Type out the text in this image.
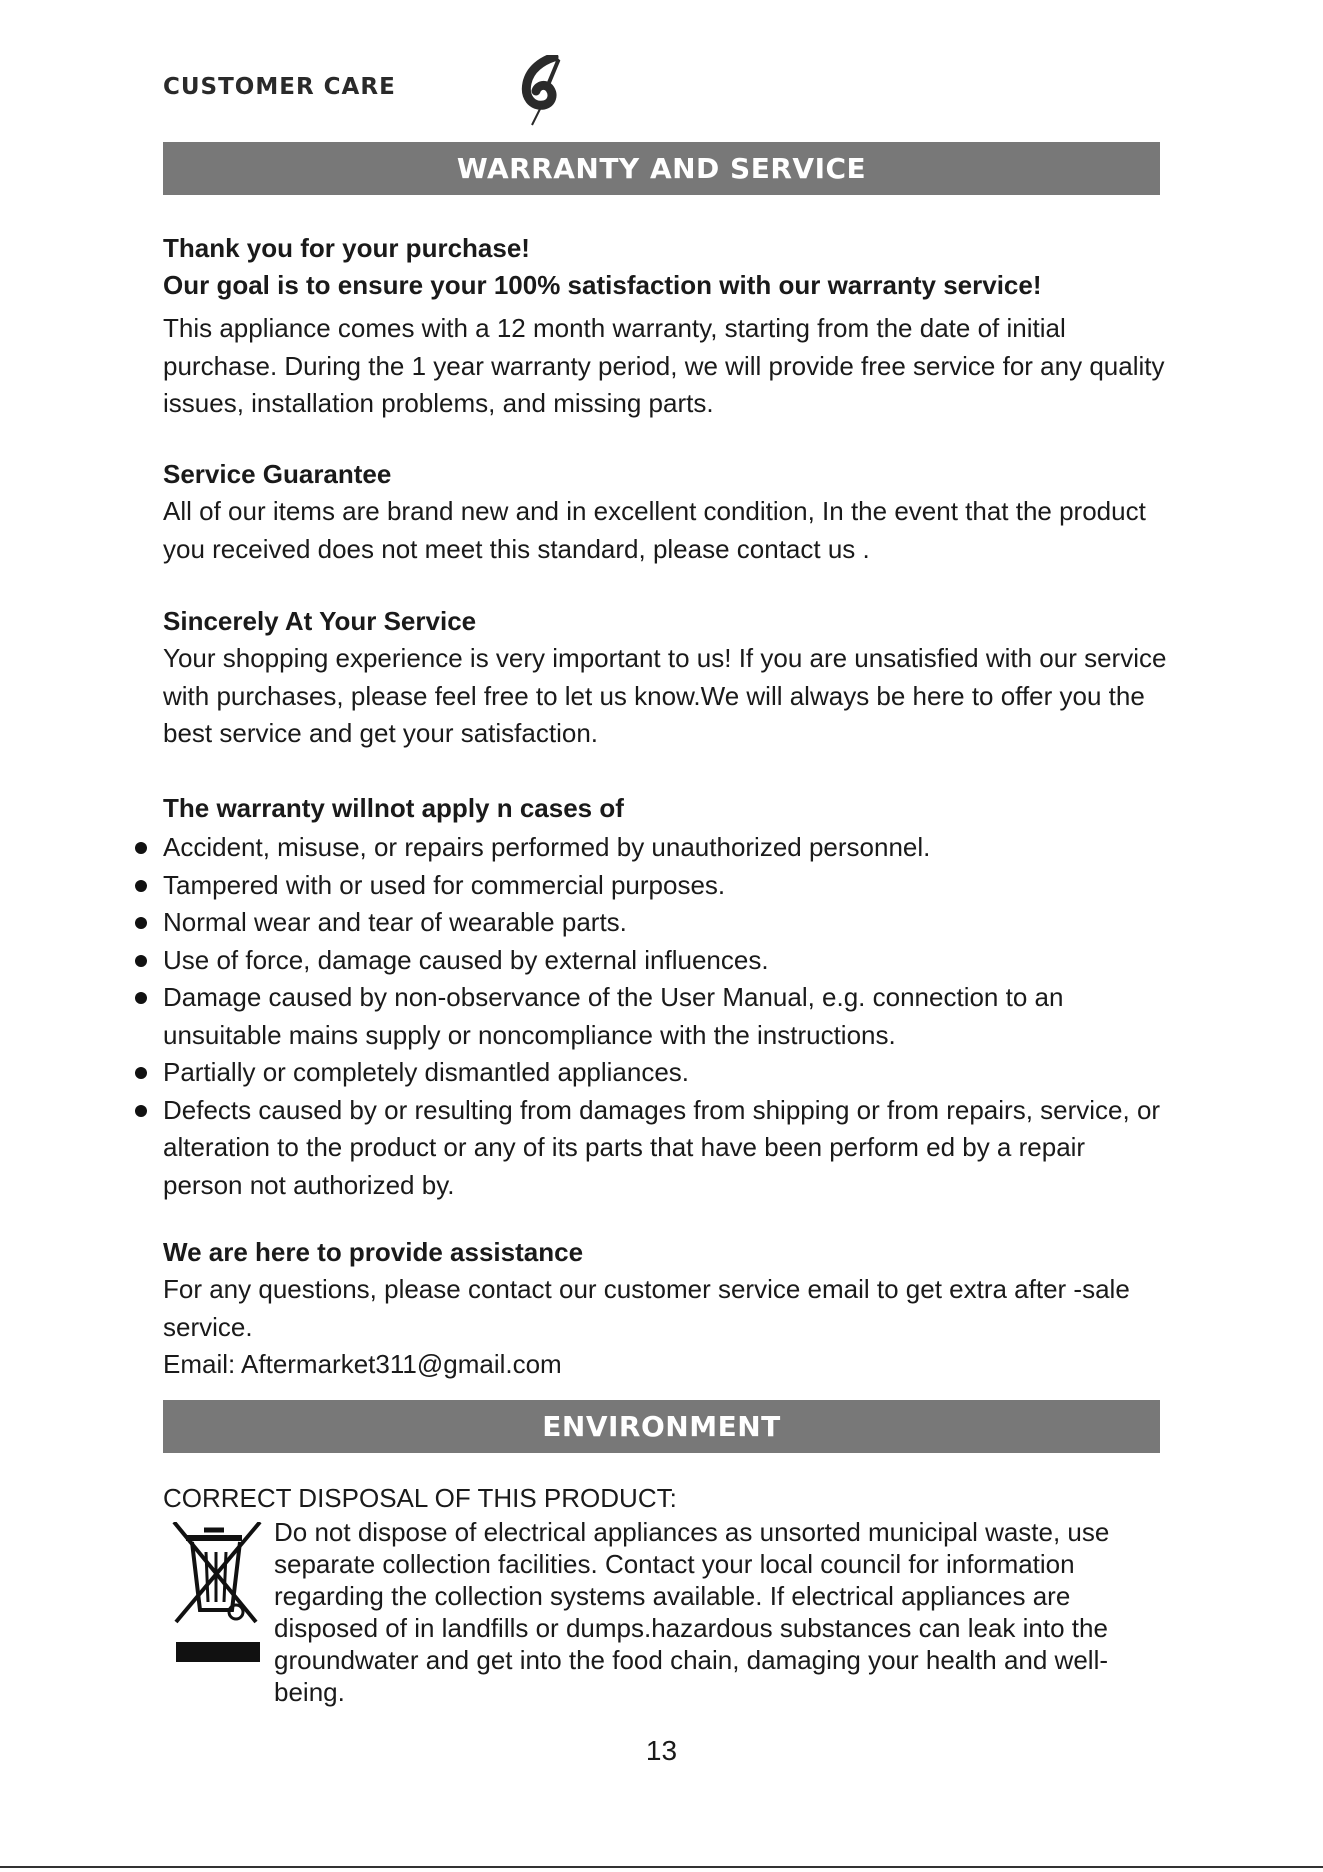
CUSTOMER CARE
WARRANTY AND SERVICE

Thank you for your purchase!

Our goal is to ensure your 100% satisfaction with our warranty service!

This appliance comes with a 12 month warranty, starting from the date of initial purchase. During the 1 year warranty period, we will provide free service for any quality issues, installation problems, and missing parts.

Service Guarantee

All of our items are brand new and in excellent condition, In the event that the product you received does not meet this standard, please contact us .

Sincerely At Your Service

Your shopping experience is very important to us! If you are unsatisfied with our service with purchases, please feel free to let us know.We will always be here to offer you the best service and get your satisfaction.

The warranty willnot apply n cases of

Accident, misuse, or repairs performed by unauthorized personnel.
Tampered with or used for commercial purposes.
Normal wear and tear of wearable parts.
Use of force, damage caused by external influences.
Damage caused by non-observance of the User Manual, e.g. connection to an unsuitable mains supply or noncompliance with the instructions.
Partially or completely dismantled appliances.
Defects caused by or resulting from damages from shipping or from repairs, service, or alteration to the product or any of its parts that have been perform ed by a repair person not authorized by.

We are here to provide assistance

For any questions, please contact our customer service email to get extra after -sale service.

Email: Aftermarket311@gmail.com

ENVIRONMENT
CORRECT DISPOSAL OF THIS PRODUCT:
Do not dispose of electrical appliances as unsorted municipal waste, use separate collection facilities. Contact your local council for information regarding the collection systems available. If electrical appliances are disposed of in landfills or dumps.hazardous substances can leak into the groundwater and get into the food chain, damaging your health and well-being.
13
